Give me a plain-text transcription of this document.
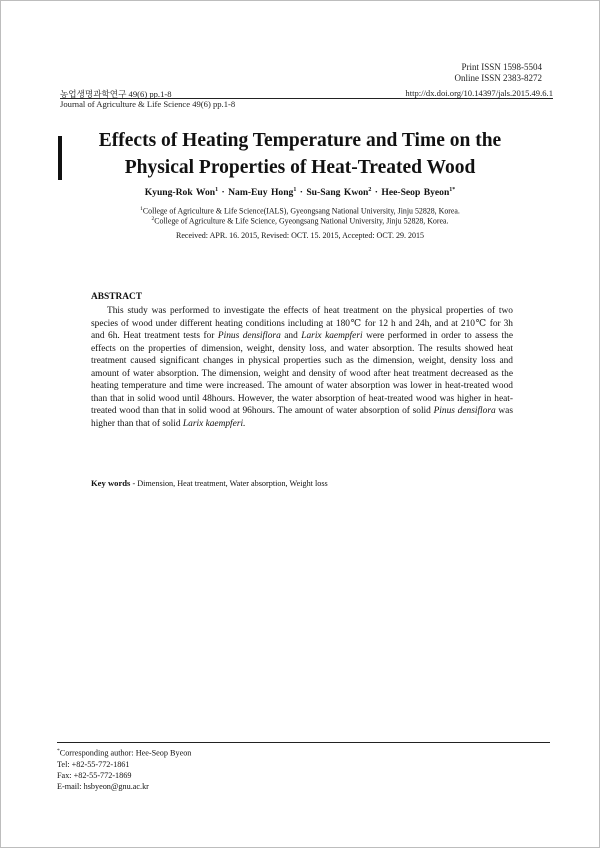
Print ISSN 1598-5504
Online ISSN 2383-8272
농업생명과학연구 49(6) pp.1-8	http://dx.doi.org/10.14397/jals.2015.49.6.1
Journal of Agriculture & Life Science 49(6) pp.1-8
Effects of Heating Temperature and Time on the
Physical Properties of Heat-Treated Wood
Kyung-Rok Won$^1$ · Nam-Euy Hong$^1$ · Su-Sang Kwon$^2$ · Hee-Seop Byeon$^{1*}$
$^1$College of Agriculture & Life Science(IALS), Gyeongsang National University, Jinju 52828, Korea.
$^2$College of Agriculture & Life Science, Gyeongsang National University, Jinju 52828, Korea.
Received: APR. 16. 2015, Revised: OCT. 15. 2015, Accepted: OCT. 29. 2015
ABSTRACT
This study was performed to investigate the effects of heat treatment on the physical properties of two species of wood under different heating conditions including at 180℃ for 12 h and 24h, and at 210℃ for 3h and 6h. Heat treatment tests for Pinus densiflora and Larix kaempferi were performed in order to assess the effects on the properties of dimension, weight, density loss, and water absorption. The results showed heat treatment caused significant changes in physical properties such as the dimension, weight, density loss and amount of water absorption. The dimension, weight and density of wood after heat treatment decreased as the heating temperature and time were increased. The amount of water absorption was lower in heat-treated wood than that in solid wood until 48hours. However, the water absorption of heat-treated wood was higher in heat-treated wood than that in solid wood at 96hours. The amount of water absorption of solid Pinus densiflora was higher than that of solid Larix kaempferi.
Key words - Dimension, Heat treatment, Water absorption, Weight loss
*Corresponding author: Hee-Seop Byeon
Tel: +82-55-772-1861
Fax: +82-55-772-1869
E-mail: hsbyeon@gnu.ac.kr
